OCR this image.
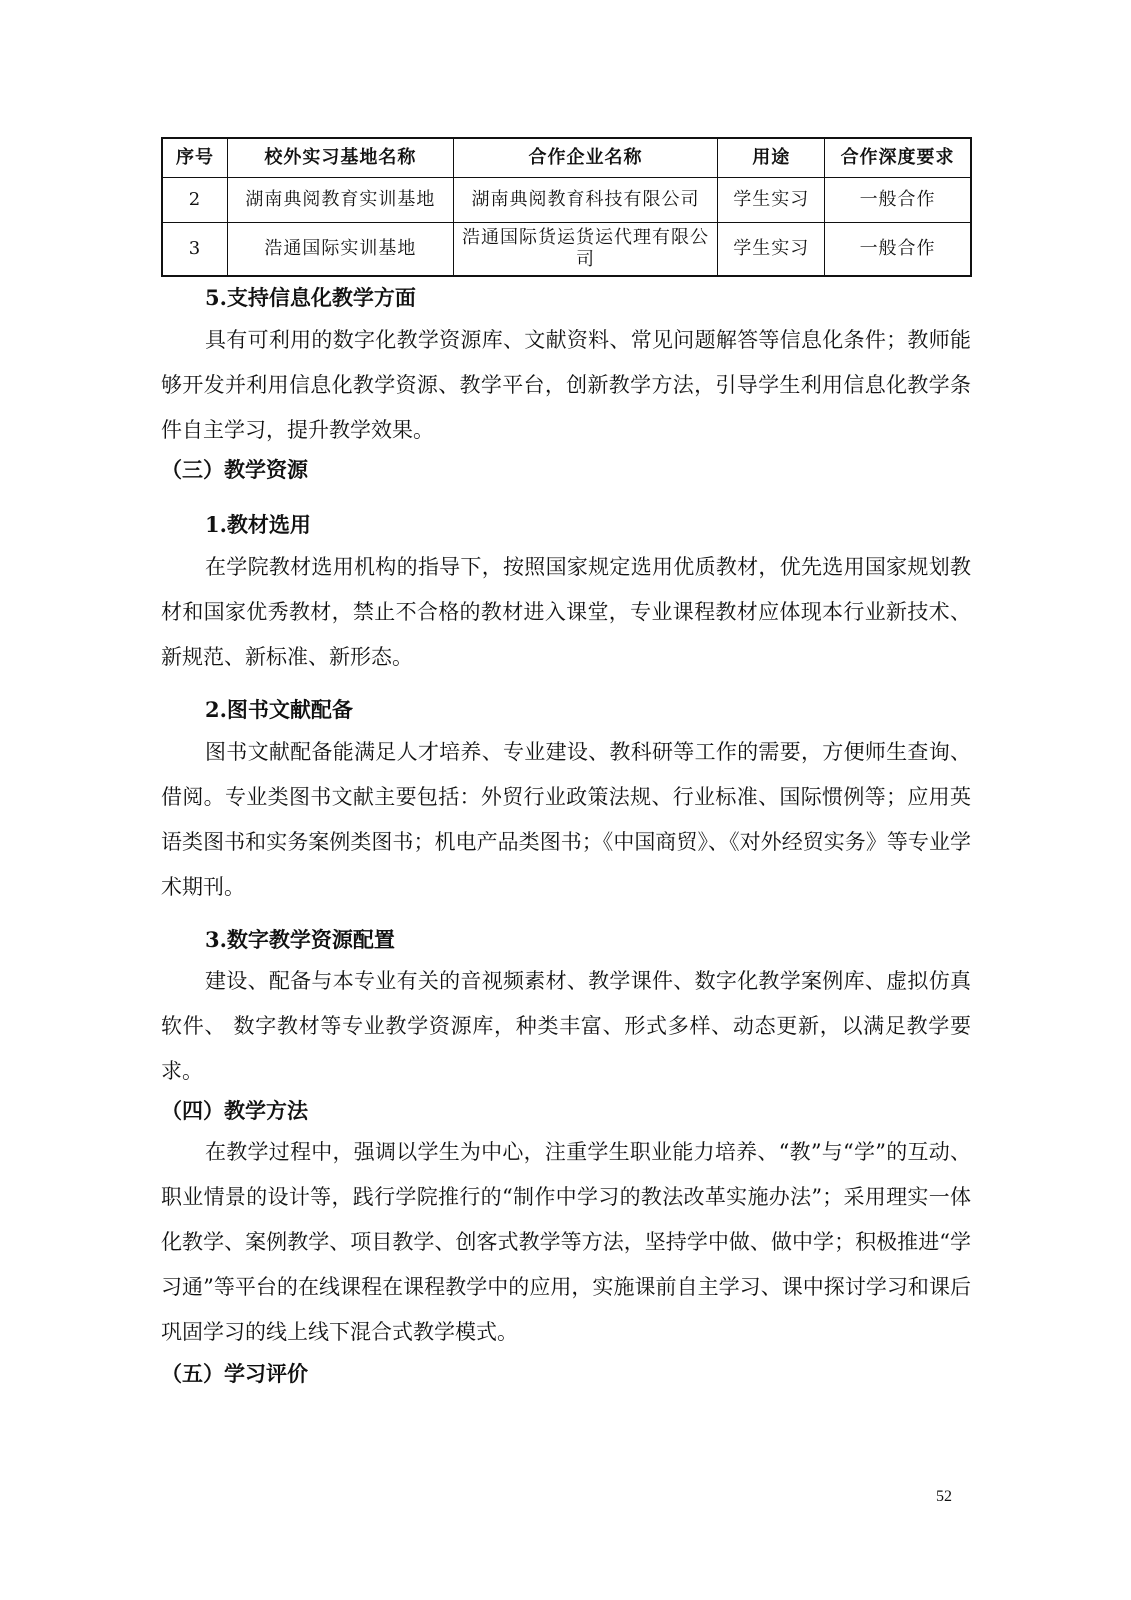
序号	校外实习基地名称	合作企业名称	用途	合作深度要求
2	湖南典阅教育实训基地	湖南典阅教育科技有限公司	学生实习	一般合作
3	浩通国际实训基地	浩通国际货运货运代理有限公司	学生实习	一般合作

5.支持信息化教学方面

具有可利用的数字化教学资源库、文献资料、常见问题解答等信息化条件；教师能够开发并利用信息化教学资源、教学平台，创新教学方法，引导学生利用信息化教学条件自主学习，提升教学效果。

（三）教学资源

1.教材选用

在学院教材选用机构的指导下，按照国家规定选用优质教材，优先选用国家规划教材和国家优秀教材，禁止不合格的教材进入课堂，专业课程教材应体现本行业新技术、新规范、新标准、新形态。

2.图书文献配备

图书文献配备能满足人才培养、专业建设、教科研等工作的需要，方便师生查询、借阅。专业类图书文献主要包括：外贸行业政策法规、行业标准、国际惯例等；应用英语类图书和实务案例类图书；机电产品类图书；《中国商贸》、《对外经贸实务》等专业学术期刊。

3.数字教学资源配置

建设、配备与本专业有关的音视频素材、教学课件、数字化教学案例库、虚拟仿真软件、 数字教材等专业教学资源库，种类丰富、形式多样、动态更新，以满足教学要求。

（四）教学方法

在教学过程中，强调以学生为中心，注重学生职业能力培养、“教”与“学”的互动、职业情景的设计等，践行学院推行的“制作中学习的教法改革实施办法”；采用理实一体化教学、案例教学、项目教学、创客式教学等方法，坚持学中做、做中学；积极推进“学习通”等平台的在线课程在课程教学中的应用，实施课前自主学习、课中探讨学习和课后巩固学习的线上线下混合式教学模式。

（五）学习评价

52
